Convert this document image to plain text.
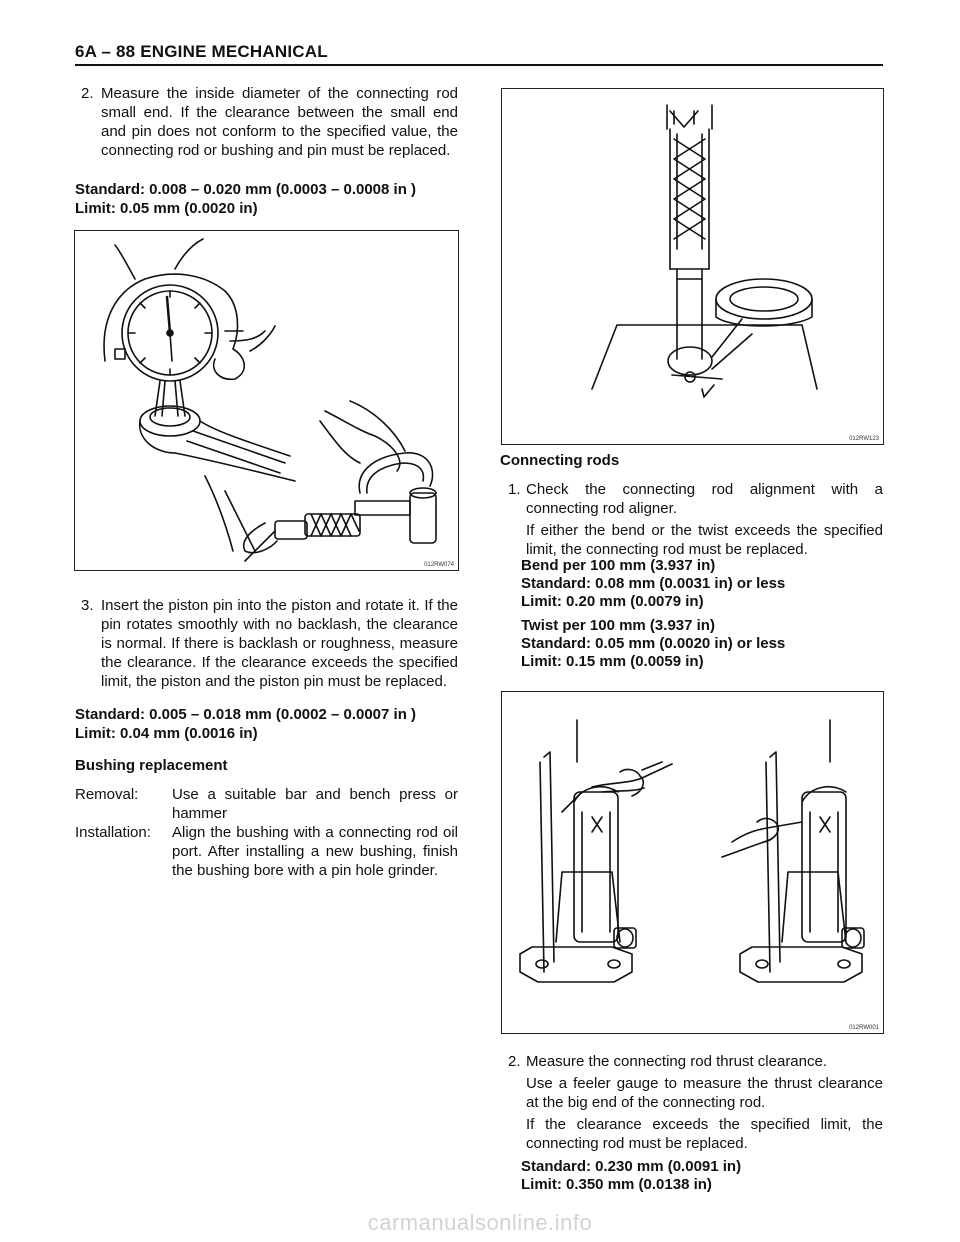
6A – 88 ENGINE MECHANICAL
2. Measure the inside diameter of the connecting rod small end. If the clearance between the small end and pin does not conform to the specified value, the connecting rod or bushing and pin must be replaced.
Standard: 0.008 – 0.020 mm (0.0003 – 0.0008 in )
Limit: 0.05 mm (0.0020 in)
012RW074
3. Insert the piston pin into the piston and rotate it. If the pin rotates smoothly with no backlash, the clearance is normal. If there is backlash or roughness, measure the clearance. If the clearance exceeds the specified limit, the piston and the piston pin must be replaced.
Standard: 0.005 – 0.018 mm (0.0002 – 0.0007 in )
Limit: 0.04 mm (0.0016 in)
Bushing replacement
Removal: Use a suitable bar and bench press or hammer
Installation: Align the bushing with a connecting rod oil port. After installing a new bushing, finish the bushing bore with a pin hole grinder.
012RW123
Connecting rods
1. Check the connecting rod alignment with a connecting rod aligner.
If either the bend or the twist exceeds the specified limit, the connecting rod must be replaced.
Bend per 100 mm (3.937 in)
Standard: 0.08 mm (0.0031 in) or less
Limit: 0.20 mm (0.0079 in)
Twist per 100 mm (3.937 in)
Standard: 0.05 mm (0.0020 in) or less
Limit: 0.15 mm (0.0059 in)
012RW001
2. Measure the connecting rod thrust clearance.
Use a feeler gauge to measure the thrust clearance at the big end of the connecting rod.
If the clearance exceeds the specified limit, the connecting rod must be replaced.
Standard: 0.230 mm (0.0091 in)
Limit: 0.350 mm (0.0138 in)
carmanualsonline.info
